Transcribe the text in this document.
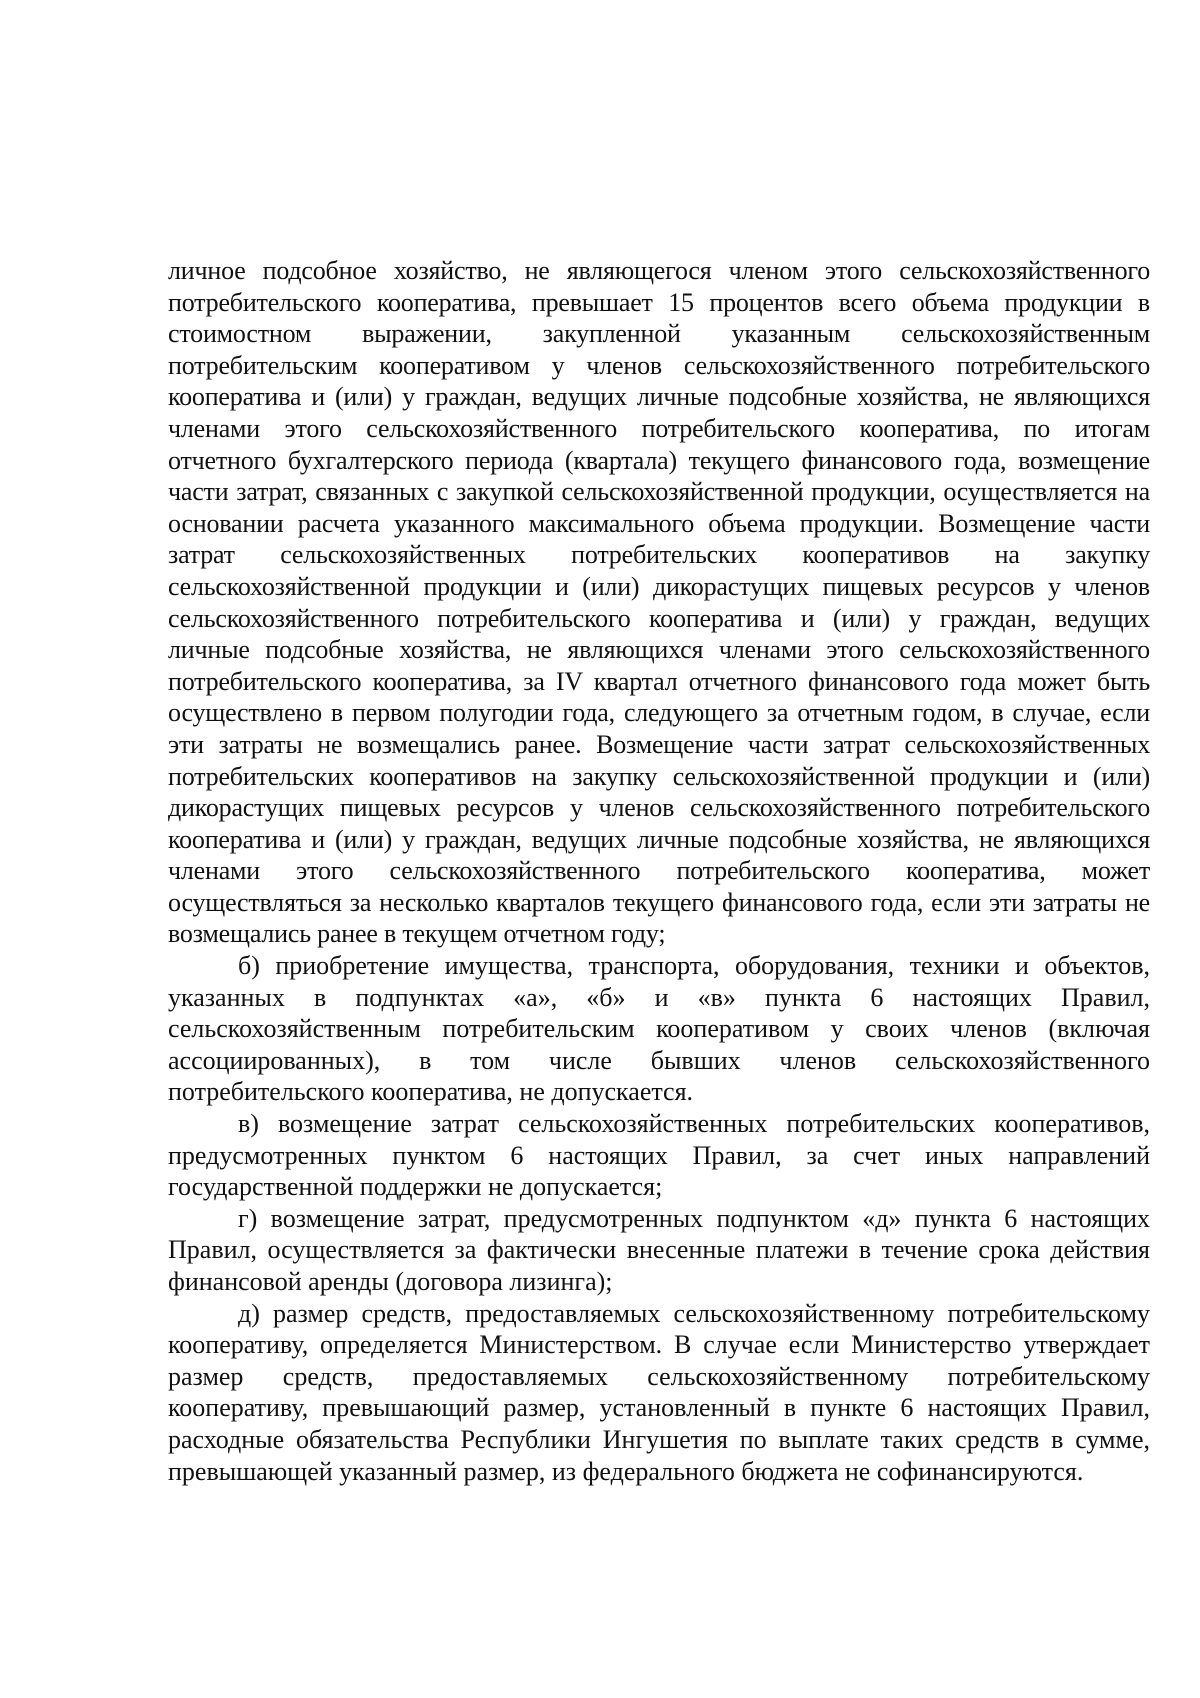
личное подсобное хозяйство, не являющегося членом этого сельскохозяйственного потребительского кооператива, превышает 15 процентов всего объема продукции в стоимостном выражении, закупленной указанным сельскохозяйственным потребительским кооперативом у членов сельскохозяйственного потребительского кооператива и (или) у граждан, ведущих личные подсобные хозяйства, не являющихся членами этого сельскохозяйственного потребительского кооператива, по итогам отчетного бухгалтерского периода (квартала) текущего финансового года, возмещение части затрат, связанных с закупкой сельскохозяйственной продукции, осуществляется на основании расчета указанного максимального объема продукции. Возмещение части затрат сельскохозяйственных потребительских кооперативов на закупку сельскохозяйственной продукции и (или) дикорастущих пищевых ресурсов у членов сельскохозяйственного потребительского кооператива и (или) у граждан, ведущих личные подсобные хозяйства, не являющихся членами этого сельскохозяйственного потребительского кооператива, за IV квартал отчетного финансового года может быть осуществлено в первом полугодии года, следующего за отчетным годом, в случае, если эти затраты не возмещались ранее. Возмещение части затрат сельскохозяйственных потребительских кооперативов на закупку сельскохозяйственной продукции и (или) дикорастущих пищевых ресурсов у членов сельскохозяйственного потребительского кооператива и (или) у граждан, ведущих личные подсобные хозяйства, не являющихся членами этого сельскохозяйственного потребительского кооператива, может осуществляться за несколько кварталов текущего финансового года, если эти затраты не возмещались ранее в текущем отчетном году;

б) приобретение имущества, транспорта, оборудования, техники и объектов, указанных в подпунктах «а», «б» и «в» пункта 6 настоящих Правил, сельскохозяйственным потребительским кооперативом у своих членов (включая ассоциированных), в том числе бывших членов сельскохозяйственного потребительского кооператива, не допускается.

в) возмещение затрат сельскохозяйственных потребительских кооперативов, предусмотренных пунктом 6 настоящих Правил, за счет иных направлений государственной поддержки не допускается;

г) возмещение затрат, предусмотренных подпунктом «д» пункта 6 настоящих Правил, осуществляется за фактически внесенные платежи в течение срока действия финансовой аренды (договора лизинга);

д) размер средств, предоставляемых сельскохозяйственному потребительскому кооперативу, определяется Министерством. В случае если Министерство утверждает размер средств, предоставляемых сельскохозяйственному потребительскому кооперативу, превышающий размер, установленный в пункте 6 настоящих Правил, расходные обязательства Республики Ингушетия по выплате таких средств в сумме, превышающей указанный размер, из федерального бюджета не софинансируются.
